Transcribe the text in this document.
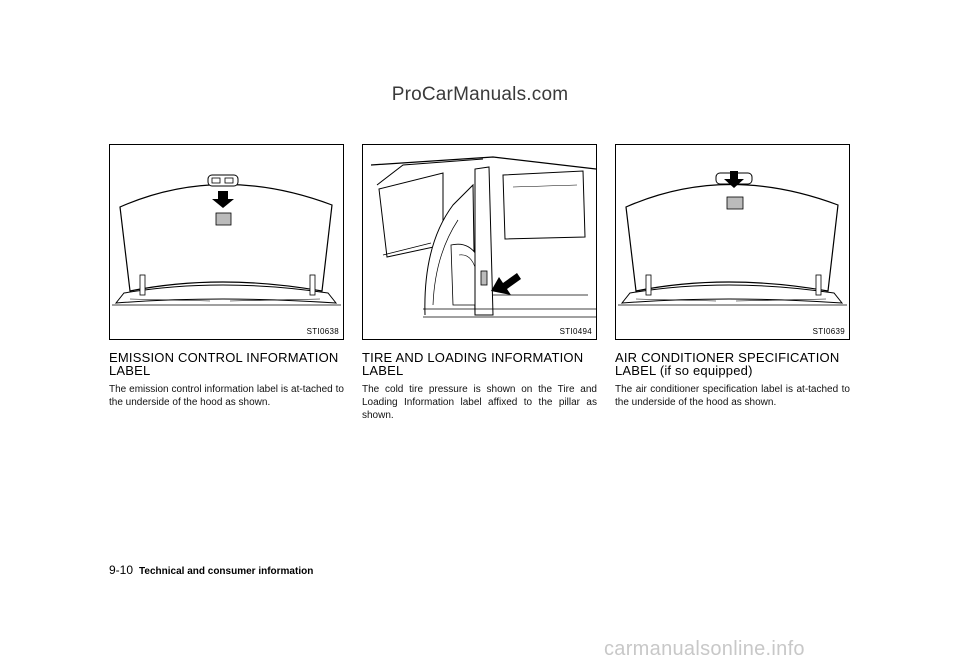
ProCarManuals.com
STI0638
EMISSION CONTROL INFORMATION LABEL

The emission control information label is at-tached to the underside of the hood as shown.

STI0494
TIRE AND LOADING INFORMATION LABEL

The cold tire pressure is shown on the Tire and Loading Information label affixed to the pillar as shown.

STI0639
AIR CONDITIONER SPECIFICATION LABEL (if so equipped)

The air conditioner specification label is at-tached to the underside of the hood as shown.

9-10 Technical and consumer information
carmanualsonline.info
